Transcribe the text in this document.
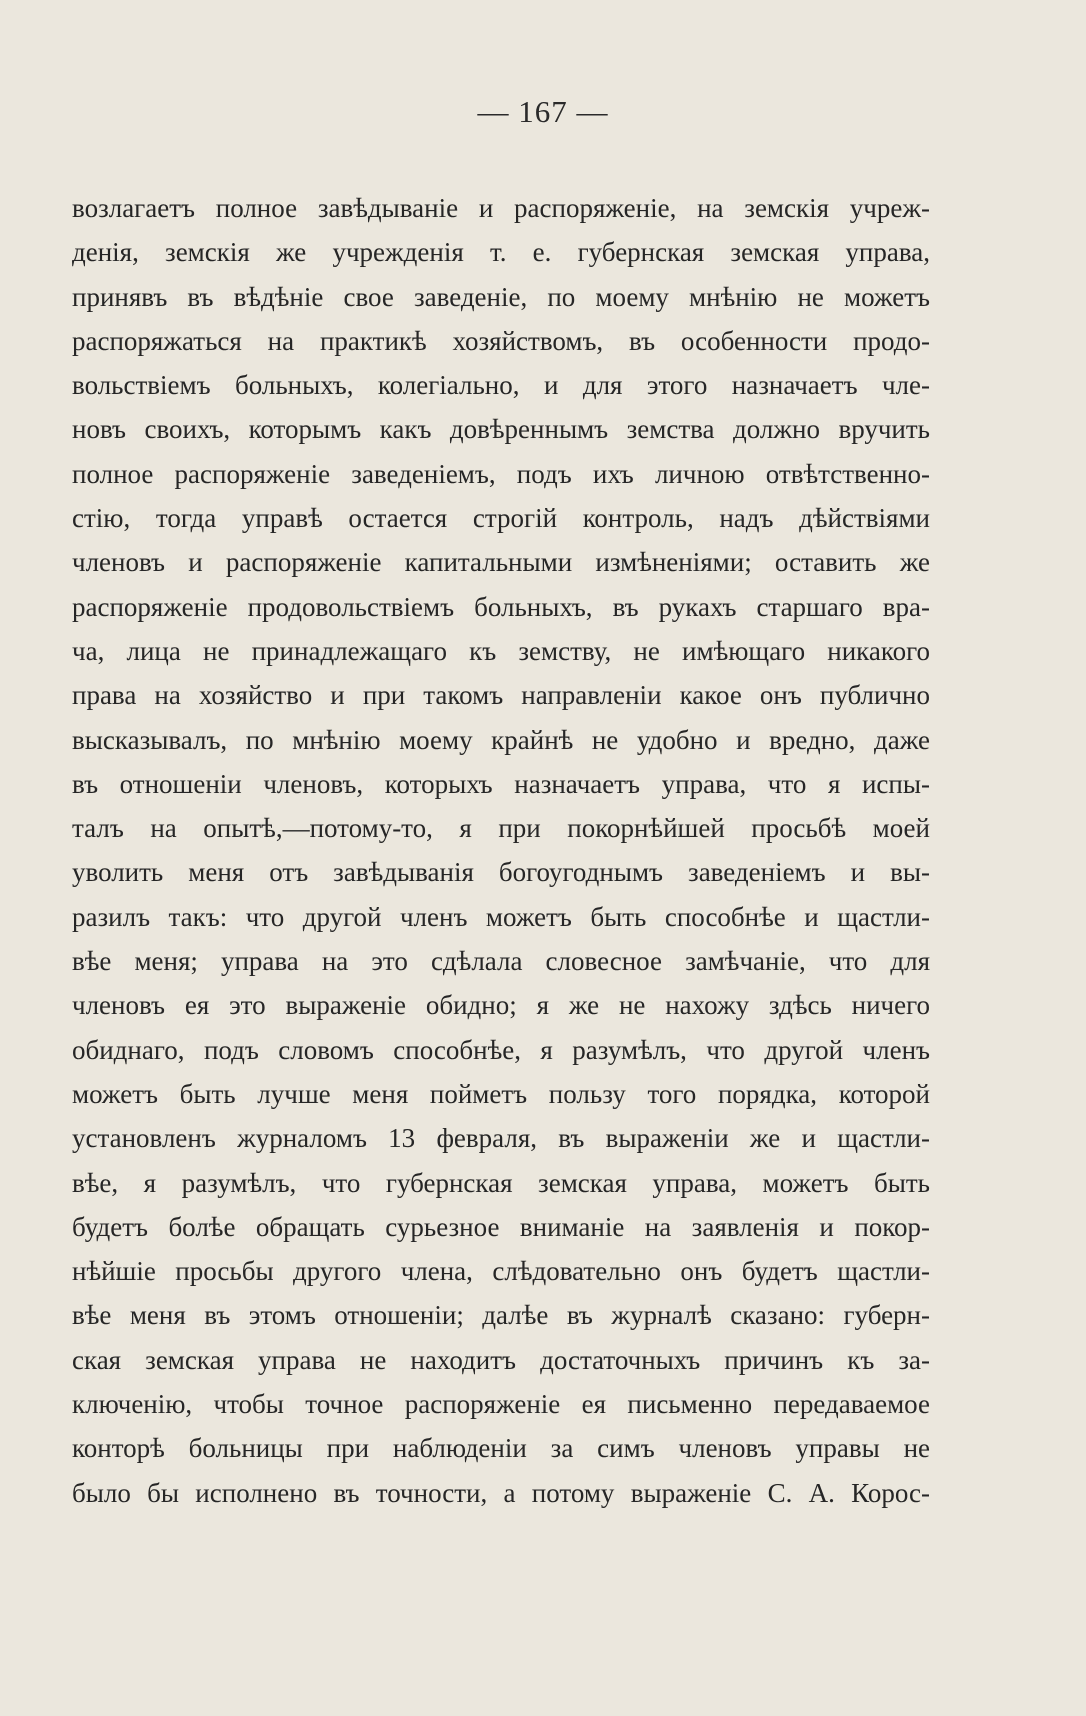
— 167 —
возлагаетъ полное завѣдываніе и распоряженіе, на земскія учреж-
денія, земскія же учрежденія т. е. губернская земская управа,
принявъ въ вѣдѣніе свое заведеніе, по моему мнѣнію не можетъ
распоряжаться на практикѣ хозяйствомъ, въ особенности продо-
вольствіемъ больныхъ, колегіально, и для этого назначаетъ чле-
новъ своихъ, которымъ какъ довѣреннымъ земства должно вручить
полное распоряженіе заведеніемъ, подъ ихъ личною отвѣтственно-
стію, тогда управѣ остается строгій контроль, надъ дѣйствіями
членовъ и распоряженіе капитальными измѣненіями; оставить же
распоряженіе продовольствіемъ больныхъ, въ рукахъ старшаго вра-
ча, лица не принадлежащаго къ земству, не имѣющаго никакого
права на хозяйство и при такомъ направленіи какое онъ публично
высказывалъ, по мнѣнію моему крайнѣ не удобно и вредно, даже
въ отношеніи членовъ, которыхъ назначаетъ управа, что я испы-
талъ на опытѣ,—потому-то, я при покорнѣйшей просьбѣ моей
уволить меня отъ завѣдыванія богоугоднымъ заведеніемъ и вы-
разилъ такъ: что другой членъ можетъ быть способнѣе и щастли-
вѣе меня; управа на это сдѣлала словесное замѣчаніе, что для
членовъ ея это выраженіе обидно; я же не нахожу здѣсь ничего
обиднаго, подъ словомъ способнѣе, я разумѣлъ, что другой членъ
можетъ быть лучше меня пойметъ пользу того порядка, которой
установленъ журналомъ 13 февраля, въ выраженіи же и щастли-
вѣе, я разумѣлъ, что губернская земская управа, можетъ быть
будетъ болѣе обращать сурьезное вниманіе на заявленія и покор-
нѣйшіе просьбы другого члена, слѣдовательно онъ будетъ щастли-
вѣе меня въ этомъ отношеніи; далѣе въ журналѣ сказано: губерн-
ская земская управа не находитъ достаточныхъ причинъ къ за-
ключенію, чтобы точное распоряженіе ея письменно передаваемое
конторѣ больницы при наблюденіи за симъ членовъ управы не
было бы исполнено въ точности, а потому выраженіе С. А. Корос-
